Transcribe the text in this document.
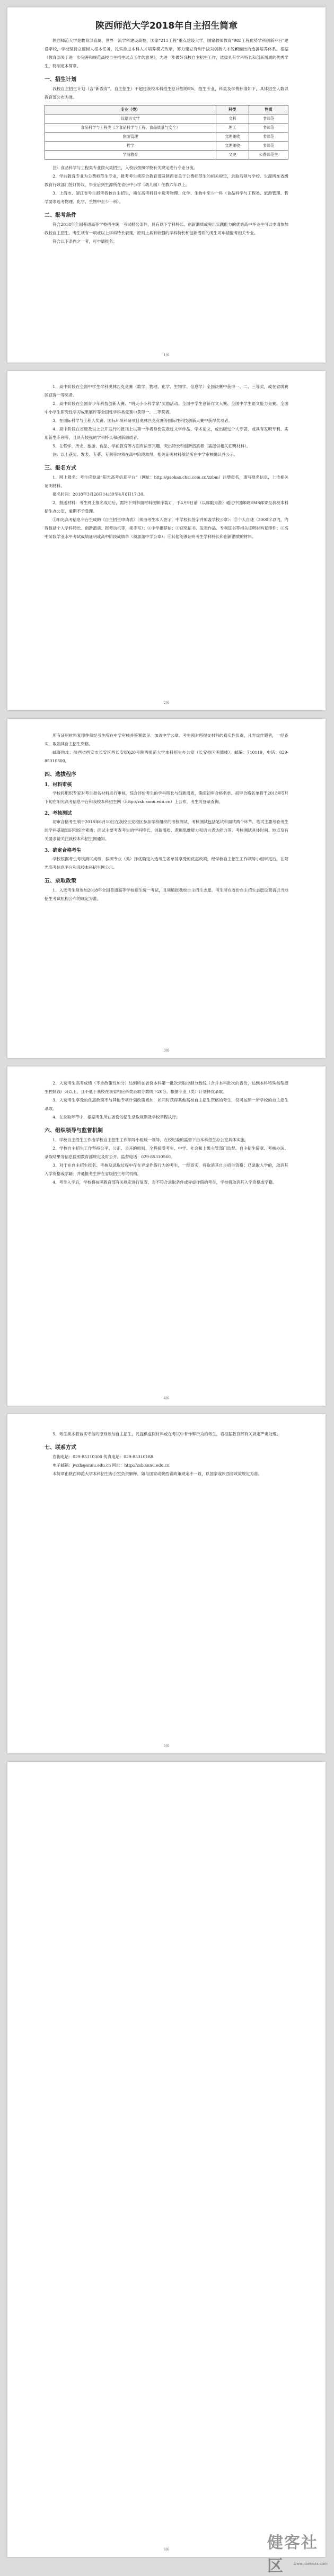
陕西师范大学2018年自主招生简章

陕西师范大学是教育部直属，世界一流学科建设高校，国家“211工程”重点建设大学，国家教师教育“985工程优势学科创新平台”建设学校，学校坚持立德树人根本任务，扎实推进本科人才培养模式改革，努力建立有利于拔尖创新人才脱颖而出的选拔培养体系。根据《教育部关于进一步完善和规范高校自主招生试点工作的意见》，为进一步做好我校自主招生工作，选拔具有学科特长和创新潜质的优秀学生，特制定本简章。

一、招生计划

我校自主招生计划（含“新教育”、自主招生）不超过我校本科招生总计划的5%，招生专业、科类及学费标准如下，具体招生人数以教育部公布为准。

专业（类）	科类	性质
汉语言文学	文科	非师范
食品科学与工程类（含食品科学与工程、食品质量与安全）	理工	非师范
旅游管理	文理兼收	非师范
哲学	文理兼收	非师范
学前教育	文史	公费师范生

注：食品科学与工程类专业按大类招生，入校后按照学校有关规定进行专业分流。

2．学前教育专业为公费师范生专业，报考考生须符合教育部及陕西省关于公费师范生的相关规定，录取后须与学校、生源所在省级教育行政部门签订协议，毕业后到生源所在省份中小学（幼儿园）任教六年以上。

3．上海市、浙江省考生报考我校自主招生，须在高考科目中选考物理、化学、生物中至少一科（食品科学与工程类、旅游管理、哲学要求选考物理、化学、生物中至少一科）。

二、报考条件

符合2018年全国普通高等学校招生统一考试报名条件，具有以下学科特长、创新潜质或突出实践能力的优秀高中毕业生可以申请参加我校自主招生。考生须有一项或以上学科特长表现，原则上具有较强的学科特长和创新潜质的考生可申请报考相关专业。

符合以下条件之一者，可申请报名：

1/6

1．高中阶段在全国中学生学科奥林匹克竞赛（数学、物理、化学、生物学、信息学）全国决赛中获得一、二、三等奖，或在省级赛区获得一等奖者。

2．高中阶段在全国青少年科技创新大赛、“明天小小科学家”奖励活动、全国中学生创新作文大赛、全国中学生语文能力竞赛、全国中小学生研究性学习成果展评等全国性学科类竞赛中获得一、二等奖者。

3．在国际科学与工程大奖赛、国际环境科研项目奥林匹克竞赛等国际性科技创新大赛中获得奖项者。

4．高中阶段在省级及以上公开发行的报刊上以第一作者身份发表过文学作品、学术论文，或出版过个人专著，或具有发明专利、实用新型专利等，且具有较强的学科特长和创新潜质者。

5．在哲学、历史、旅游、食品、学前教育等方面有浓厚兴趣、突出特长和创新潜质者（需提供相关证明材料）。

注：以上获奖、发表、专著、专利等均须在高中阶段取得，相关证明材料须经所在中学审核确认并公示。

三、报名方式

1．网上报名：考生应登录“阳光高考信息平台”（网址：http://gaokao.chsi.com.cn/zzbm）注册报名，填写报名信息，上传相关证明材料。

报名时间：2018年3月26日14:30至4月8日17:30。

2．报送材料：考生网上报名成功后，需将下列书面材料按顺序装订，于4月9日前（以邮戳为准）通过中国邮政EMS邮寄至我校本科招生办公室，逾期不予受理。

①阳光高考信息平台生成的《自主招生申请表》（须由考生本人签字，中学校长签字并加盖学校公章）；②个人自述（3000字以内，内容包括个人学科特长、创新潜质、报考动机等，须手写）；③中学推荐信；④获奖证书、发表作品、专利证书等相关证明材料复印件；⑤高中阶段学业水平考试成绩证明或高中阶段成绩单（须加盖中学公章）；⑥其他能够证明考生学科特长和创新潜质的材料。

2/6

所有证明材料复印件须经考生所在中学审核并签署意见、加盖中学公章。考生须对所提交材料的真实性负责，凡弄虚作假者，一经查实，取消其自主招生资格。

邮寄地址：陕西省西安市长安区西长安街620号陕西师范大学本科招生办公室（长安校区明德楼），邮编：710119，电话：029-85310300。

四、选拔程序
1．材料审核

学校将组织专家对考生报名材料进行审核，综合评价考生的学科特长与创新潜质，确定初审合格名单。初审合格名单将于2018年5月下旬在阳光高考信息平台和我校本科招生网（http://zsb.snnu.edu.cn）上公布，考生可登录查询。

2．考核测试

初审合格考生须于2018年6月10日在我校长安校区参加学校组织的考核测试，考核测试包括笔试和面试两个环节。笔试主要考查考生的学科基础知识和综合素质；面试主要考查考生的学科特长、创新潜质、逻辑思维能力和语言表达能力等。考核测试具体时间、地点及有关要求请关注我校本科招生网通知。

3．确定合格考生

学校根据考生考核测试成绩，按照专业（类）择优确定入选考生名单及享受的优惠政策，经学校自主招生工作领导小组审定后，在阳光高考信息平台和我校本科招生网公示。

五、录取政策

1．入选考生须参加2018年全国普通高等学校招生统一考试，且须填报我校自主招生志愿。考生所在省份自主招生志愿设置请以当地招生考试机构公布的规定为准。

3/6

2．入选考生高考成绩（不含政策性加分）达到所在省份本科第一批次录取控制分数线（合并本科批次的省份，达到本科特殊类型招生控制线）及以上，且不低于我校在该省相应科类录取分数线下20分，根据专业（类）计划择优录取。

3．入选考生享受的优惠政策不与其他专项计划政策累加，如同时获得其他高校自主招生资格的考生，仅可按照一所学校的自主招生录取。

4．在录取环节中，根据考生所在省份的招生录取规则及学校章程执行。

六、组织领导与监督机制

1．学校自主招生工作由学校自主招生工作领导小组统一领导，在校纪委的监督下由本科招生办公室具体实施。

2．学校自主招生工作坚持公平、公正、公开的原则，全程接受考生、中学、社会和上级主管部门监督。自主招生简章、考核办法、录取结果等信息按照教育部规定及时公开。监督电话：029-85310560。

3．对于在自主招生报名、考核及录取过程中存在弄虚作假行为的考生，一经查实，将取消其自主招生资格；已录取入学的，取消其入学资格或学籍；并通报考生所在省级招生考试机构。

4．考生入学后，学校将按照教育部有关规定进行复查，对不符合录取条件或弄虚作假的考生，学校将取消其入学资格或学籍。

4/6

5．考生须本着诚实守信的原则参加自主招生，凡提供虚假材料或在考试中有作弊行为的考生，将根据教育部有关规定严肃处理。

七、联系方式

咨询电话：029-85310300 传真电话：029-85310188

电子邮箱：jwzb@snnu.edu.cn 网址：http://zsb.snnu.edu.cn

本简章由陕西师范大学本科招生办公室负责解释。如与国家或陕西省政策规定不一致，以国家或陕西省政策规定为准。

5/6
6/6	健客社区	www.jiankezx.com
